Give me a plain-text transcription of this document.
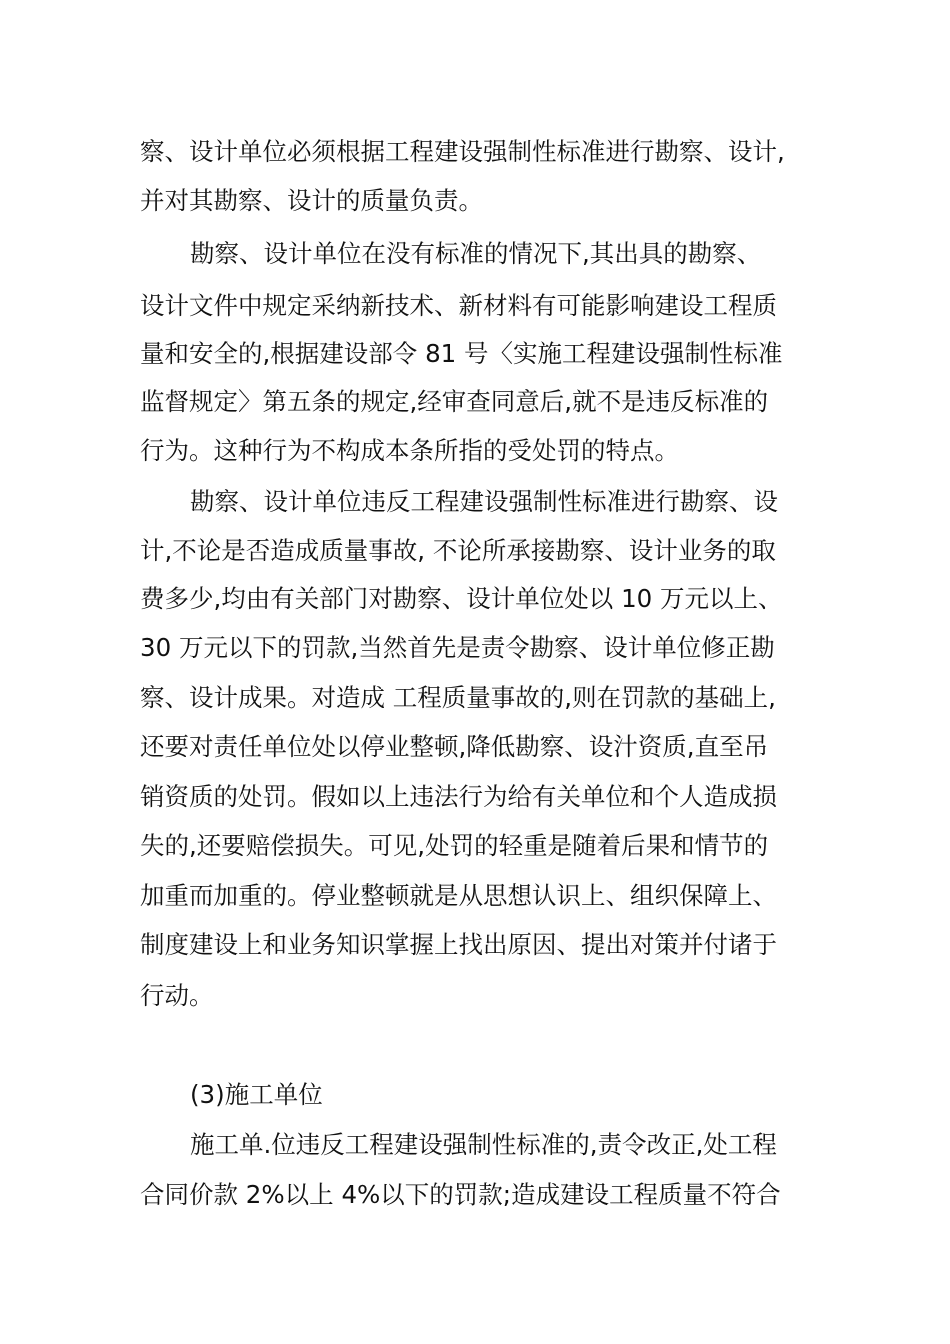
察、设计单位必须根据工程建设强制性标准进行勘察、设计,
并对其勘察、设计的质量负责。
勘察、设计单位在没有标准的情况下,其出具的勘察、
设计文件中规定采纳新技术、新材料有可能影响建设工程质
量和安全的,根据建设部令 81 号〈实施工程建设强制性标准
监督规定〉第五条的规定,经审查同意后,就不是违反标准的
行为。这种行为不构成本条所指的受处罚的特点。
勘察、设计单位违反工程建设强制性标准进行勘察、设
计,不论是否造成质量事故, 不论所承接勘察、设计业务的取
费多少,均由有关部门对勘察、设计单位处以 10 万元以上、
30 万元以下的罚款,当然首先是责令勘察、设计单位修正勘
察、设计成果。对造成 工程质量事故的,则在罚款的基础上,
还要对责任单位处以停业整顿,降低勘察、设汁资质,直至吊
销资质的处罚。假如以上违法行为给有关单位和个人造成损
失的,还要赔偿损失。可见,处罚的轻重是随着后果和情节的
加重而加重的。停业整顿就是从思想认识上、组织保障上、
制度建设上和业务知识掌握上找出原因、提出对策并付诸于
行动。
(3)施工单位
施工单.位违反工程建设强制性标准的,责令改正,处工程
合同价款 2%以上 4%以下的罚款;造成建设工程质量不符合
